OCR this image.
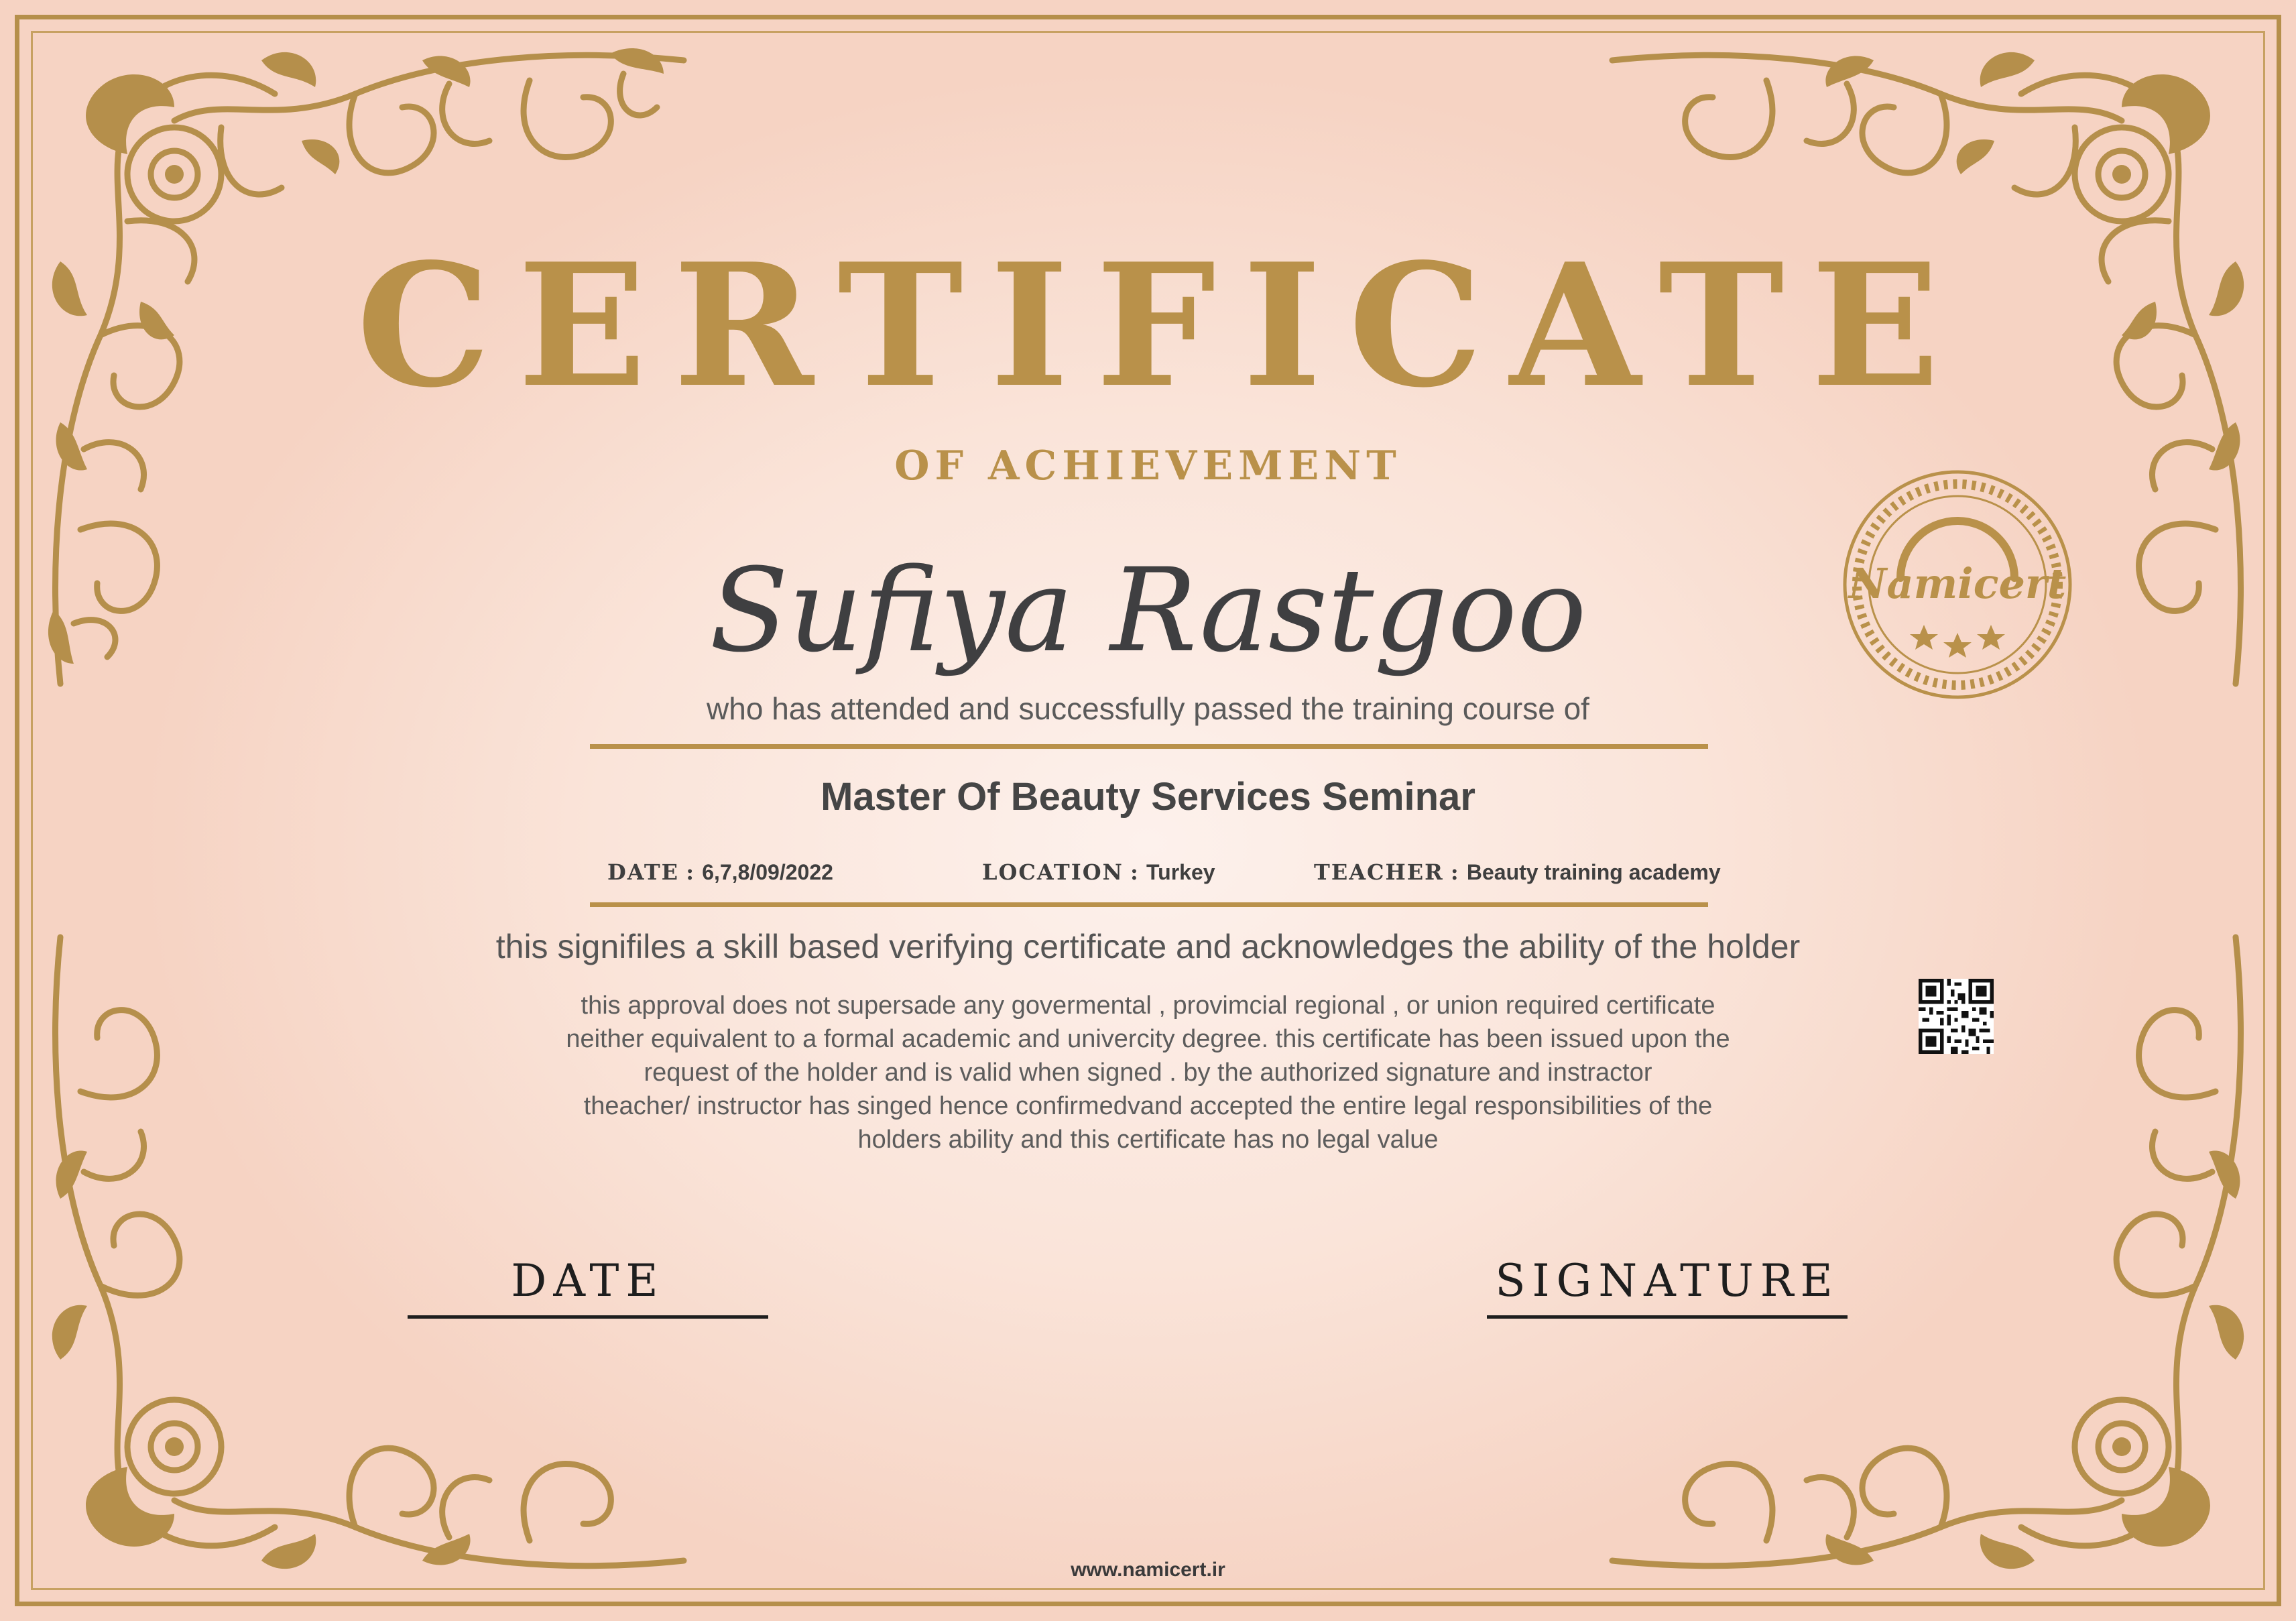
CERTIFICATE
OF ACHIEVEMENT
Sufiya Rastgoo
who has attended and successfully passed the training course of
Master Of Beauty Services Seminar
DATE : 6,7,8/09/2022	LOCATION : Turkey	TEACHER : Beauty training academy
this signifiles a skill based verifying certificate and acknowledges the ability of the holder
this approval does not supersade any govermental , provimcial regional , or union required certificate
neither equivalent to a formal academic and univercity degree. this certificate has been issued upon the
request of the holder and is valid when signed . by the authorized signature and instractor
theacher/ instructor has singed hence confirmedvand accepted the entire legal responsibilities of the
holders ability and this certificate has no legal value
Namicert
DATE	SIGNATURE
www.namicert.ir
